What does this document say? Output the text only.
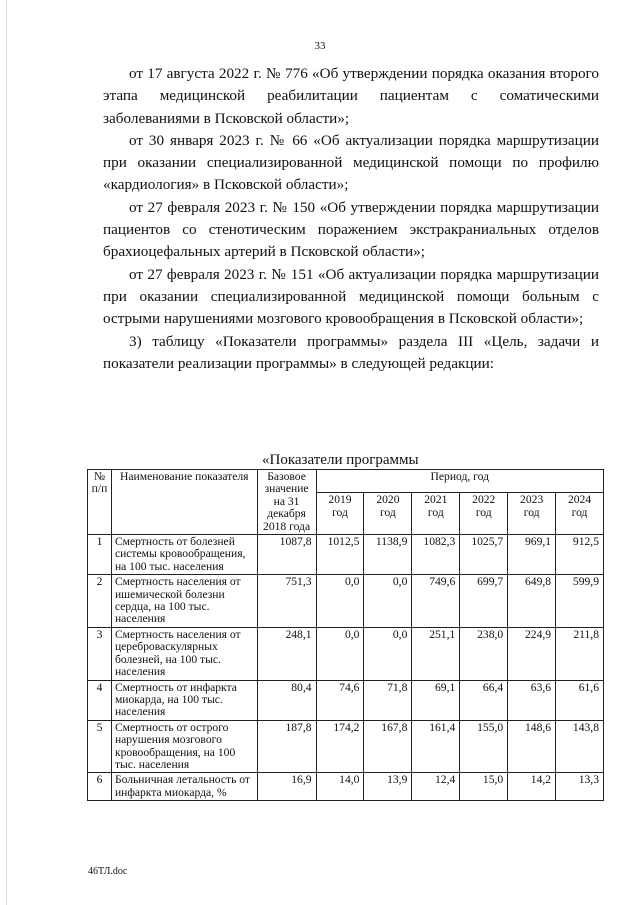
33

от 17 августа 2022 г. № 776 «Об утверждении порядка оказания второго этапа медицинской реабилитации пациентам с соматическими заболеваниями в Псковской области»;

от 30 января 2023 г. № 66 «Об актуализации порядка маршрутизации при оказании специализированной медицинской помощи по профилю «кардиология» в Псковской области»;

от 27 февраля 2023 г. № 150 «Об утверждении порядка маршрутизации пациентов со стенотическим поражением экстракраниальных отделов брахиоцефальных артерий в Псковской области»;

от 27 февраля 2023 г. № 151 «Об актуализации порядка маршрутизации при оказании специализированной медицинской помощи больным с острыми нарушениями мозгового кровообращения в Псковской области»;

3) таблицу «Показатели программы» раздела III «Цель, задачи и показатели реализации программы» в следующей редакции:

«Показатели программы
№ п/п	Наименование показателя	Базовое значение на 31 декабря 2018 года	Период, год					
			2019 год	2020 год	2021 год	2022 год	2023 год	2024 год
1	Смертность от болезней системы кровообращения, на 100 тыс. населения	1087,8	1012,5	1138,9	1082,3	1025,7	969,1	912,5
2	Смертность населения от ишемической болезни сердца, на 100 тыс. населения	751,3	0,0	0,0	749,6	699,7	649,8	599,9
3	Смертность населения от цереброваскулярных болезней, на 100 тыс. населения	248,1	0,0	0,0	251,1	238,0	224,9	211,8
4	Смертность от инфаркта миокарда, на 100 тыс. населения	80,4	74,6	71,8	69,1	66,4	63,6	61,6
5	Смертность от острого нарушения мозгового кровообращения, на 100 тыс. населения	187,8	174,2	167,8	161,4	155,0	148,6	143,8
6	Больничная летальность от инфаркта миокарда, %	16,9	14,0	13,9	12,4	15,0	14,2	13,3
46ТЛ.doc
